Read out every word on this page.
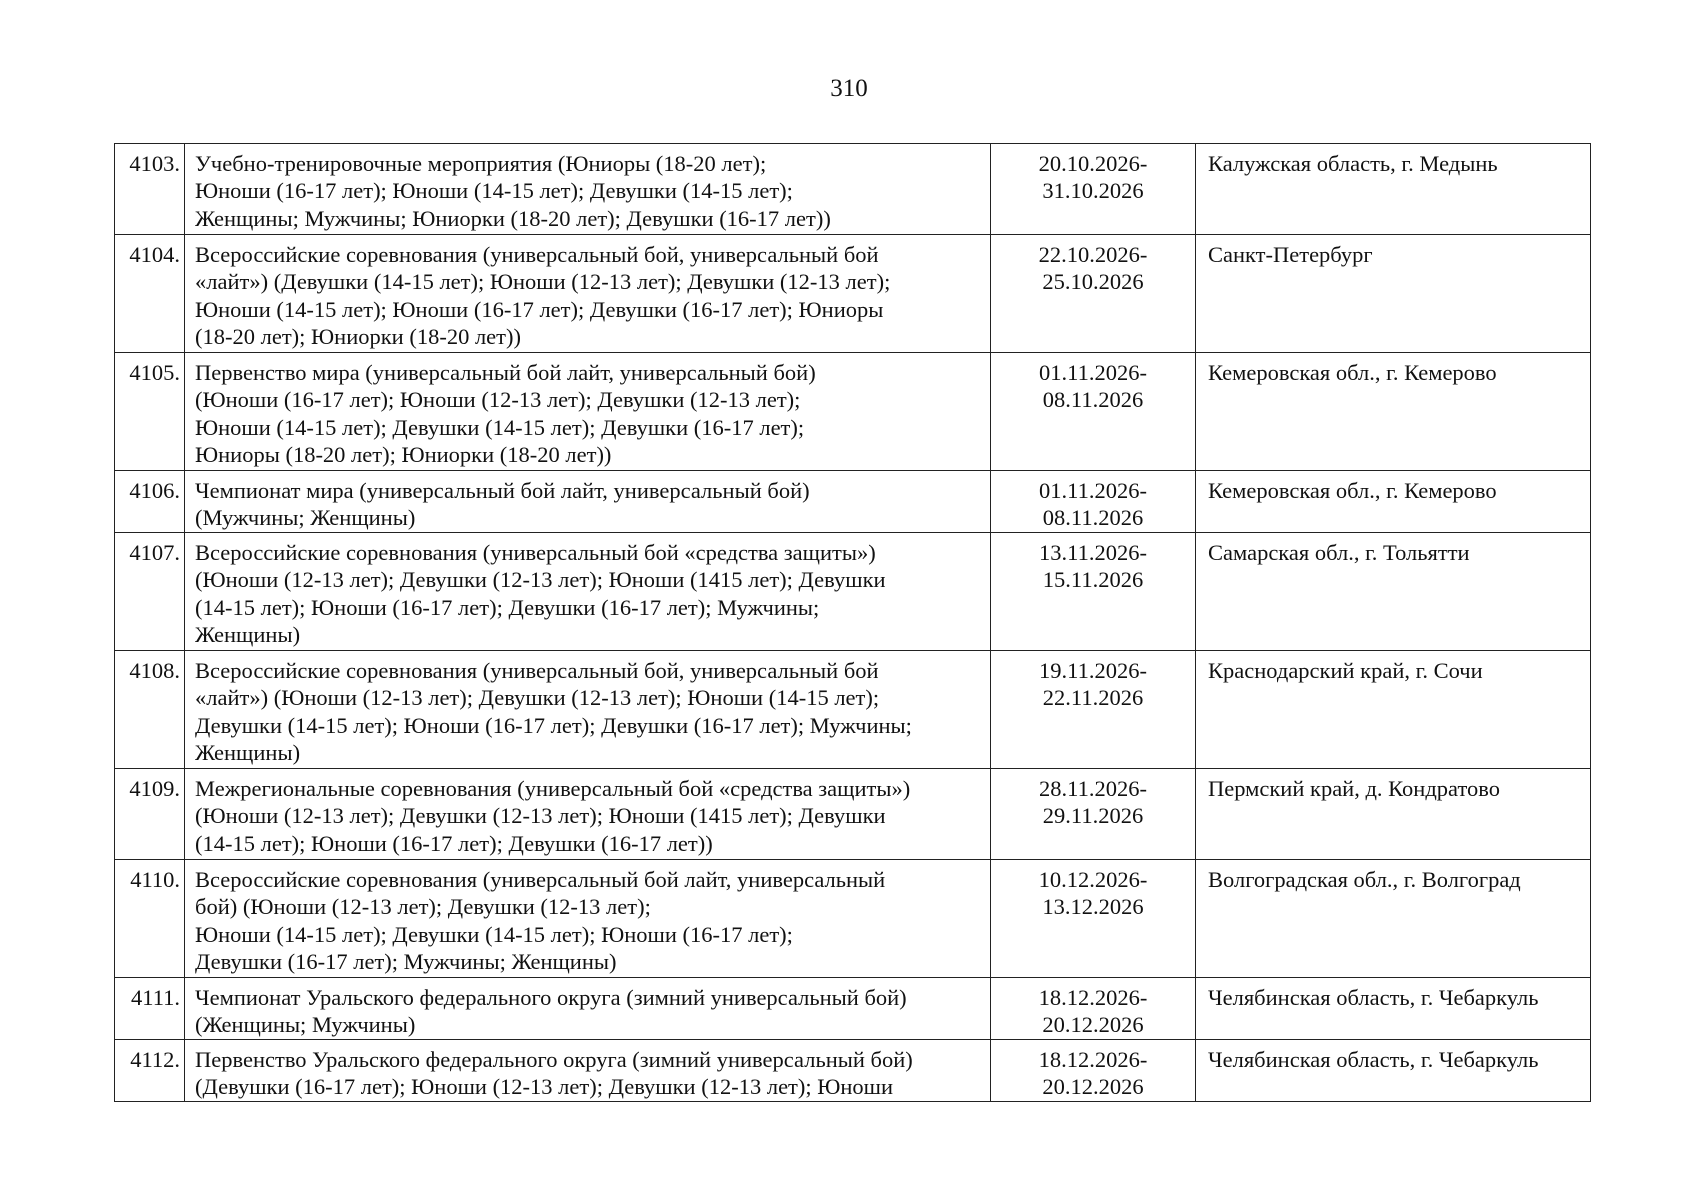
310
4103.	Учебно-тренировочные мероприятия (Юниоры (18-20 лет);
Юноши (16-17 лет); Юноши (14-15 лет); Девушки (14-15 лет);
Женщины; Мужчины; Юниорки (18-20 лет); Девушки (16-17 лет))	20.10.2026-
31.10.2026	Калужская область, г. Медынь
4104.	Всероссийские соревнования (универсальный бой, универсальный бой
«лайт») (Девушки (14-15 лет); Юноши (12-13 лет); Девушки (12-13 лет);
Юноши (14-15 лет); Юноши (16-17 лет); Девушки (16-17 лет); Юниоры
(18-20 лет); Юниорки (18-20 лет))	22.10.2026-
25.10.2026	Санкт-Петербург
4105.	Первенство мира (универсальный бой лайт, универсальный бой)
(Юноши (16-17 лет); Юноши (12-13 лет); Девушки (12-13 лет);
Юноши (14-15 лет); Девушки (14-15 лет); Девушки (16-17 лет);
Юниоры (18-20 лет); Юниорки (18-20 лет))	01.11.2026-
08.11.2026	Кемеровская обл., г. Кемерово
4106.	Чемпионат мира (универсальный бой лайт, универсальный бой)
(Мужчины; Женщины)	01.11.2026-
08.11.2026	Кемеровская обл., г. Кемерово
4107.	Всероссийские соревнования (универсальный бой «средства защиты»)
(Юноши (12-13 лет); Девушки (12-13 лет); Юноши (1415 лет); Девушки
(14-15 лет); Юноши (16-17 лет); Девушки (16-17 лет); Мужчины;
Женщины)	13.11.2026-
15.11.2026	Самарская обл., г. Тольятти
4108.	Всероссийские соревнования (универсальный бой, универсальный бой
«лайт») (Юноши (12-13 лет); Девушки (12-13 лет); Юноши (14-15 лет);
Девушки (14-15 лет); Юноши (16-17 лет); Девушки (16-17 лет); Мужчины;
Женщины)	19.11.2026-
22.11.2026	Краснодарский край, г. Сочи
4109.	Межрегиональные соревнования (универсальный бой «средства защиты»)
(Юноши (12-13 лет); Девушки (12-13 лет); Юноши (1415 лет); Девушки
(14-15 лет); Юноши (16-17 лет); Девушки (16-17 лет))	28.11.2026-
29.11.2026	Пермский край, д. Кондратово
4110.	Всероссийские соревнования (универсальный бой лайт, универсальный
бой) (Юноши (12-13 лет); Девушки (12-13 лет);
Юноши (14-15 лет); Девушки (14-15 лет); Юноши (16-17 лет);
Девушки (16-17 лет); Мужчины; Женщины)	10.12.2026-
13.12.2026	Волгоградская обл., г. Волгоград
4111.	Чемпионат Уральского федерального округа (зимний универсальный бой)
(Женщины; Мужчины)	18.12.2026-
20.12.2026	Челябинская область, г. Чебаркуль
4112.	Первенство Уральского федерального округа (зимний универсальный бой)
(Девушки (16-17 лет); Юноши (12-13 лет); Девушки (12-13 лет); Юноши	18.12.2026-
20.12.2026	Челябинская область, г. Чебаркуль
